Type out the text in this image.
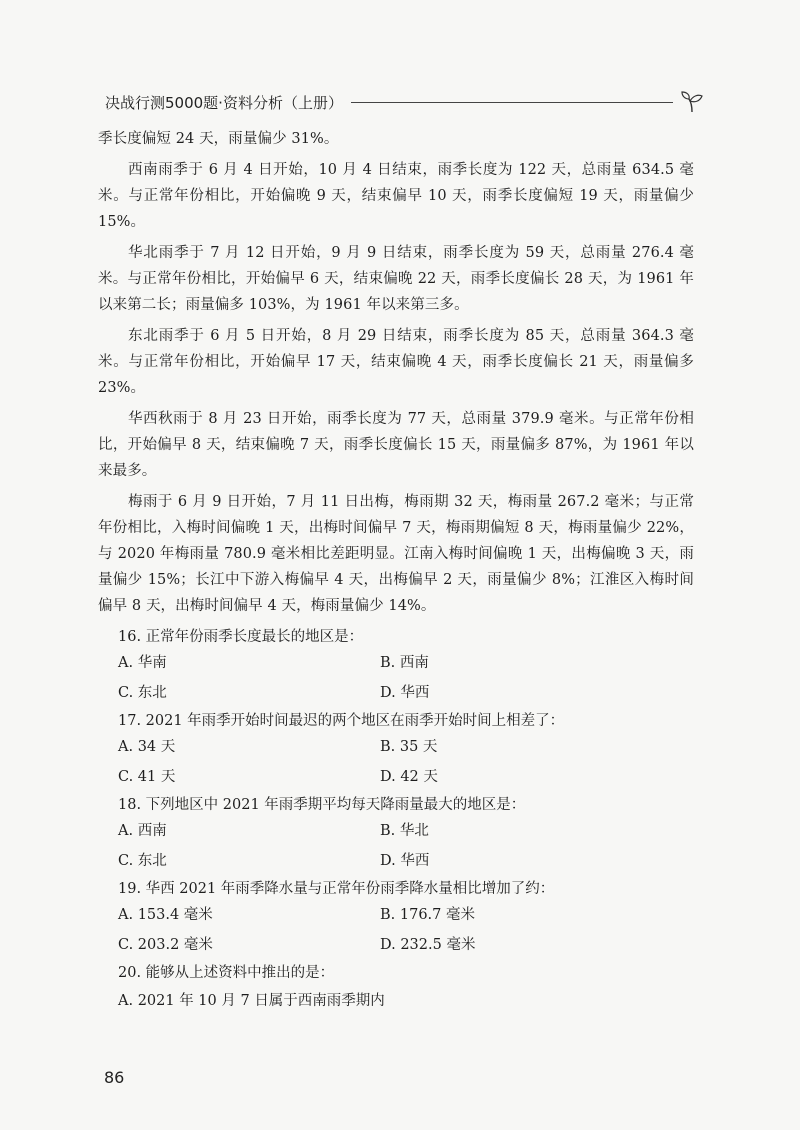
决战行测5000题·资料分析（上册）

季长度偏短 24 天，雨量偏少 31%。

西南雨季于 6 月 4 日开始，10 月 4 日结束，雨季长度为 122 天，总雨量 634.5 毫米。与正常年份相比，开始偏晚 9 天，结束偏早 10 天，雨季长度偏短 19 天，雨量偏少 15%。

华北雨季于 7 月 12 日开始，9 月 9 日结束，雨季长度为 59 天，总雨量 276.4 毫米。与正常年份相比，开始偏早 6 天，结束偏晚 22 天，雨季长度偏长 28 天，为 1961 年以来第二长；雨量偏多 103%，为 1961 年以来第三多。

东北雨季于 6 月 5 日开始，8 月 29 日结束，雨季长度为 85 天，总雨量 364.3 毫米。与正常年份相比，开始偏早 17 天，结束偏晚 4 天，雨季长度偏长 21 天，雨量偏多 23%。

华西秋雨于 8 月 23 日开始，雨季长度为 77 天，总雨量 379.9 毫米。与正常年份相比，开始偏早 8 天，结束偏晚 7 天，雨季长度偏长 15 天，雨量偏多 87%，为 1961 年以来最多。

梅雨于 6 月 9 日开始，7 月 11 日出梅，梅雨期 32 天，梅雨量 267.2 毫米；与正常年份相比，入梅时间偏晚 1 天，出梅时间偏早 7 天，梅雨期偏短 8 天，梅雨量偏少 22%，与 2020 年梅雨量 780.9 毫米相比差距明显。江南入梅时间偏晚 1 天，出梅偏晚 3 天，雨量偏少 15%；长江中下游入梅偏早 4 天，出梅偏早 2 天，雨量偏少 8%；江淮区入梅时间偏早 8 天，出梅时间偏早 4 天，梅雨量偏少 14%。

16. 正常年份雨季长度最长的地区是：
A. 华南	B. 西南
C. 东北	D. 华西
17. 2021 年雨季开始时间最迟的两个地区在雨季开始时间上相差了：
A. 34 天	B. 35 天
C. 41 天	D. 42 天
18. 下列地区中 2021 年雨季期平均每天降雨量最大的地区是：
A. 西南	B. 华北
C. 东北	D. 华西
19. 华西 2021 年雨季降水量与正常年份雨季降水量相比增加了约：
A. 153.4 毫米	B. 176.7 毫米
C. 203.2 毫米	D. 232.5 毫米
20. 能够从上述资料中推出的是：
A. 2021 年 10 月 7 日属于西南雨季期内
86
